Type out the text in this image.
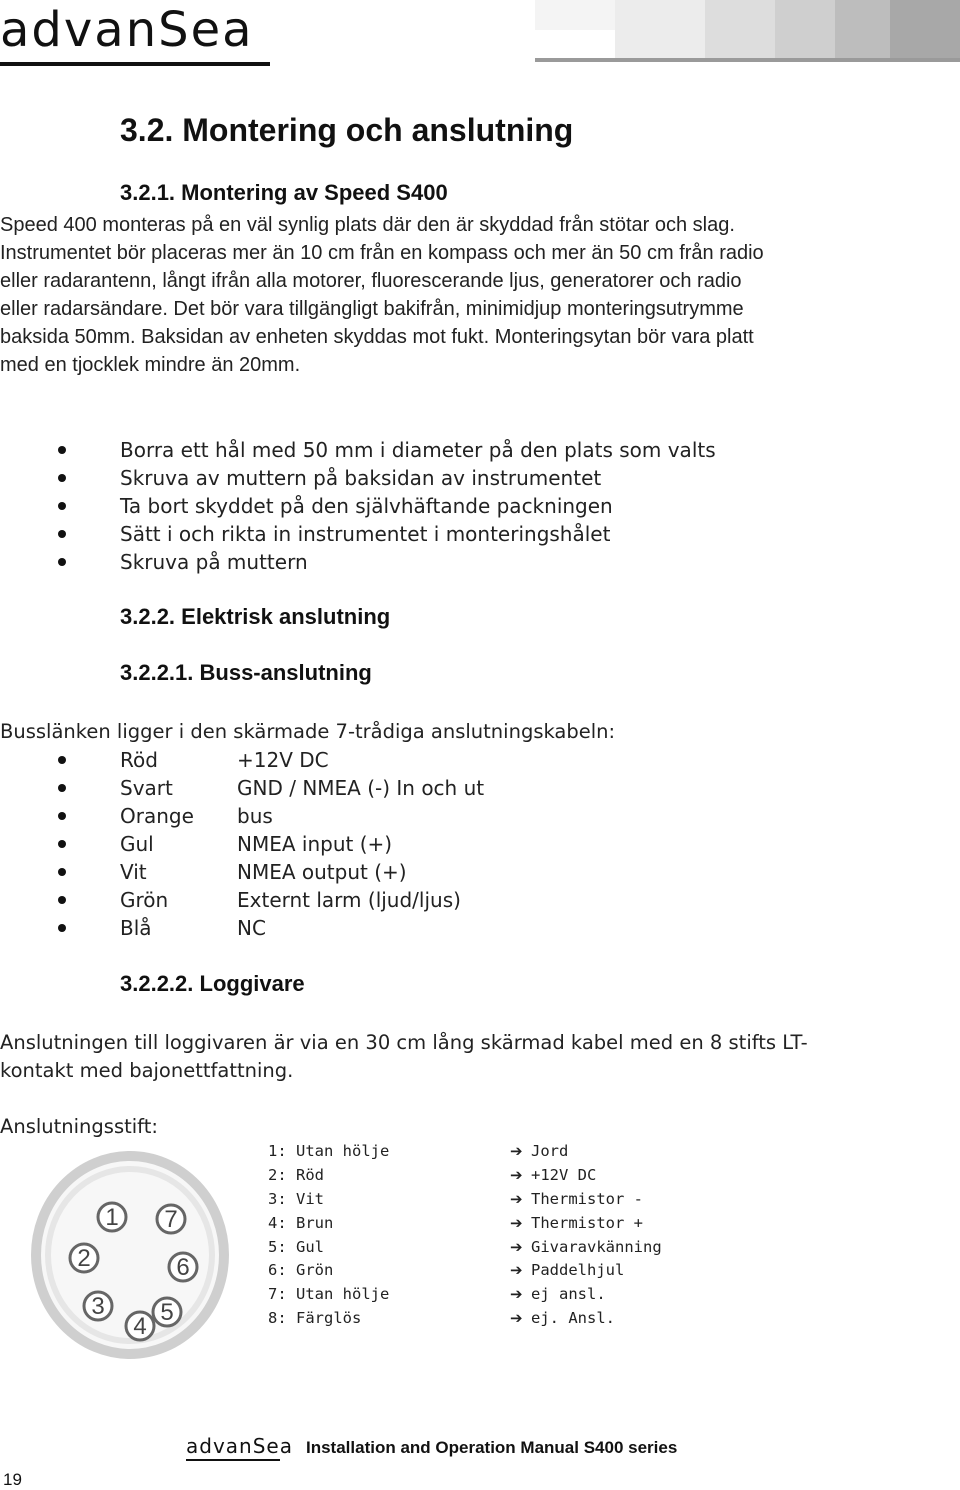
advanSea
3.2. Montering och anslutning
3.2.1. Montering av Speed S400
Speed 400 monteras på en väl synlig plats där den är skyddad från stötar och slag.
Instrumentet bör placeras mer än 10 cm från en kompass och mer än 50 cm från radio
eller radarantenn, långt ifrån alla motorer, fluorescerande ljus, generatorer och radio
eller radarsändare. Det bör vara tillgängligt bakifrån, minimidjup monteringsutrymme
baksida 50mm. Baksidan av enheten skyddas mot fukt. Monteringsytan bör vara platt
med en tjocklek mindre än 20mm.
Borra ett hål med 50 mm i diameter på den plats som valts
Skruva av muttern på baksidan av instrumentet
Ta bort skyddet på den självhäftande packningen
Sätt i och rikta in instrumentet i monteringshålet
Skruva på muttern
3.2.2. Elektrisk anslutning
3.2.2.1. Buss-anslutning
Busslänken ligger i den skärmade 7-trådiga anslutningskabeln:
Röd	+12V DC
Svart	GND / NMEA (-) In och ut
Orange bus
Gul	NMEA input (+)
Vit	NMEA output (+)
Grön	Externt larm (ljud/ljus)
Blå	NC
3.2.2.2. Loggivare
Anslutningen till loggivaren är via en 30 cm lång skärmad kabel med en 8 stifts LT-
kontakt med bajonettfattning.
Anslutningsstift:
1 7
2	6
3 5
4
1: Utan hölje	➔ Jord
2: Röd	➔ +12V DC
3: Vit	➔ Thermistor -
4: Brun	➔ Thermistor +
5: Gul	➔ Givaravkänning
6: Grön	➔ Paddelhjul
7: Utan hölje	➔ ej ansl.
8: Färglös	➔ ej. Ansl.
advanSea Installation and Operation Manual S400 series
19
